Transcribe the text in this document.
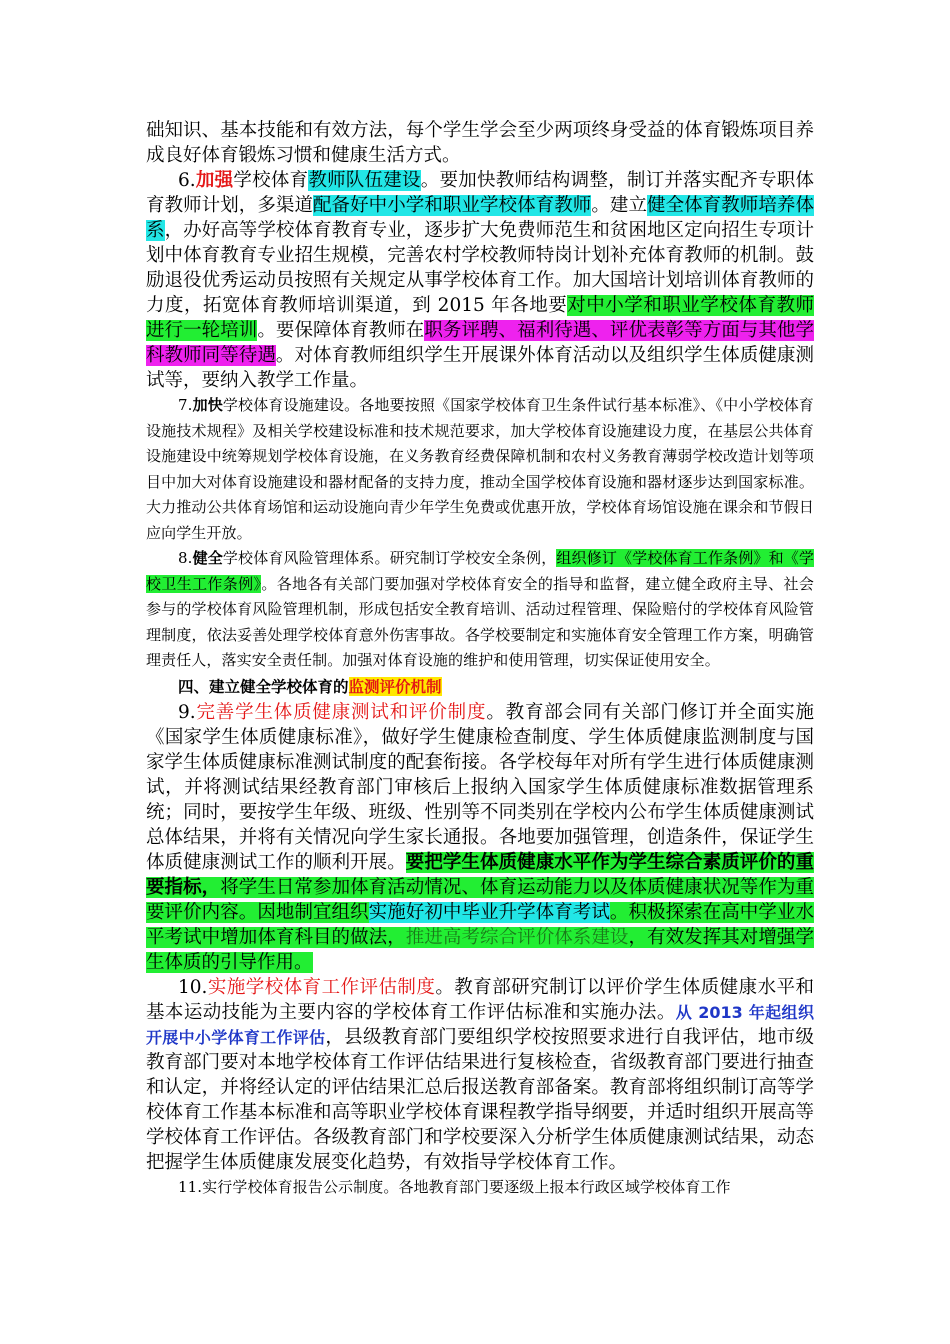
础知识、基本技能和有效方法，每个学生学会至少两项终身受益的体育锻炼项目养成良好体育锻炼习惯和健康生活方式。

6.加强学校体育教师队伍建设。要加快教师结构调整，制订并落实配齐专职体育教师计划，多渠道配备好中小学和职业学校体育教师。建立健全体育教师培养体系，办好高等学校体育教育专业，逐步扩大免费师范生和贫困地区定向招生专项计划中体育教育专业招生规模，完善农村学校教师特岗计划补充体育教师的机制。鼓励退役优秀运动员按照有关规定从事学校体育工作。加大国培计划培训体育教师的力度，拓宽体育教师培训渠道，到 2015 年各地要对中小学和职业学校体育教师进行一轮培训。要保障体育教师在职务评聘、福利待遇、评优表彰等方面与其他学科教师同等待遇。对体育教师组织学生开展课外体育活动以及组织学生体质健康测试等，要纳入教学工作量。

7.加快学校体育设施建设。各地要按照《国家学校体育卫生条件试行基本标准》、《中小学校体育设施技术规程》及相关学校建设标准和技术规范要求，加大学校体育设施建设力度，在基层公共体育设施建设中统筹规划学校体育设施，在义务教育经费保障机制和农村义务教育薄弱学校改造计划等项目中加大对体育设施建设和器材配备的支持力度，推动全国学校体育设施和器材逐步达到国家标准。大力推动公共体育场馆和运动设施向青少年学生免费或优惠开放，学校体育场馆设施在课余和节假日应向学生开放。

8.健全学校体育风险管理体系。研究制订学校安全条例，组织修订《学校体育工作条例》和《学校卫生工作条例》。各地各有关部门要加强对学校体育安全的指导和监督，建立健全政府主导、社会参与的学校体育风险管理机制，形成包括安全教育培训、活动过程管理、保险赔付的学校体育风险管理制度，依法妥善处理学校体育意外伤害事故。各学校要制定和实施体育安全管理工作方案，明确管理责任人，落实安全责任制。加强对体育设施的维护和使用管理，切实保证使用安全。

四、建立健全学校体育的监测评价机制

9.完善学生体质健康测试和评价制度。教育部会同有关部门修订并全面实施《国家学生体质健康标准》，做好学生健康检查制度、学生体质健康监测制度与国家学生体质健康标准测试制度的配套衔接。各学校每年对所有学生进行体质健康测试，并将测试结果经教育部门审核后上报纳入国家学生体质健康标准数据管理系统；同时，要按学生年级、班级、性别等不同类别在学校内公布学生体质健康测试总体结果，并将有关情况向学生家长通报。各地要加强管理，创造条件，保证学生体质健康测试工作的顺利开展。要把学生体质健康水平作为学生综合素质评价的重要指标，将学生日常参加体育活动情况、体育运动能力以及体质健康状况等作为重要评价内容。因地制宜组织实施好初中毕业升学体育考试。积极探索在高中学业水平考试中增加体育科目的做法，推进高考综合评价体系建设，有效发挥其对增强学生体质的引导作用。

10.实施学校体育工作评估制度。教育部研究制订以评价学生体质健康水平和基本运动技能为主要内容的学校体育工作评估标准和实施办法。从 2013 年起组织开展中小学体育工作评估，县级教育部门要组织学校按照要求进行自我评估，地市级教育部门要对本地学校体育工作评估结果进行复核检查，省级教育部门要进行抽查和认定，并将经认定的评估结果汇总后报送教育部备案。教育部将组织制订高等学校体育工作基本标准和高等职业学校体育课程教学指导纲要，并适时组织开展高等学校体育工作评估。各级教育部门和学校要深入分析学生体质健康测试结果，动态把握学生体质健康发展变化趋势，有效指导学校体育工作。

11.实行学校体育报告公示制度。各地教育部门要逐级上报本行政区域学校体育工作
